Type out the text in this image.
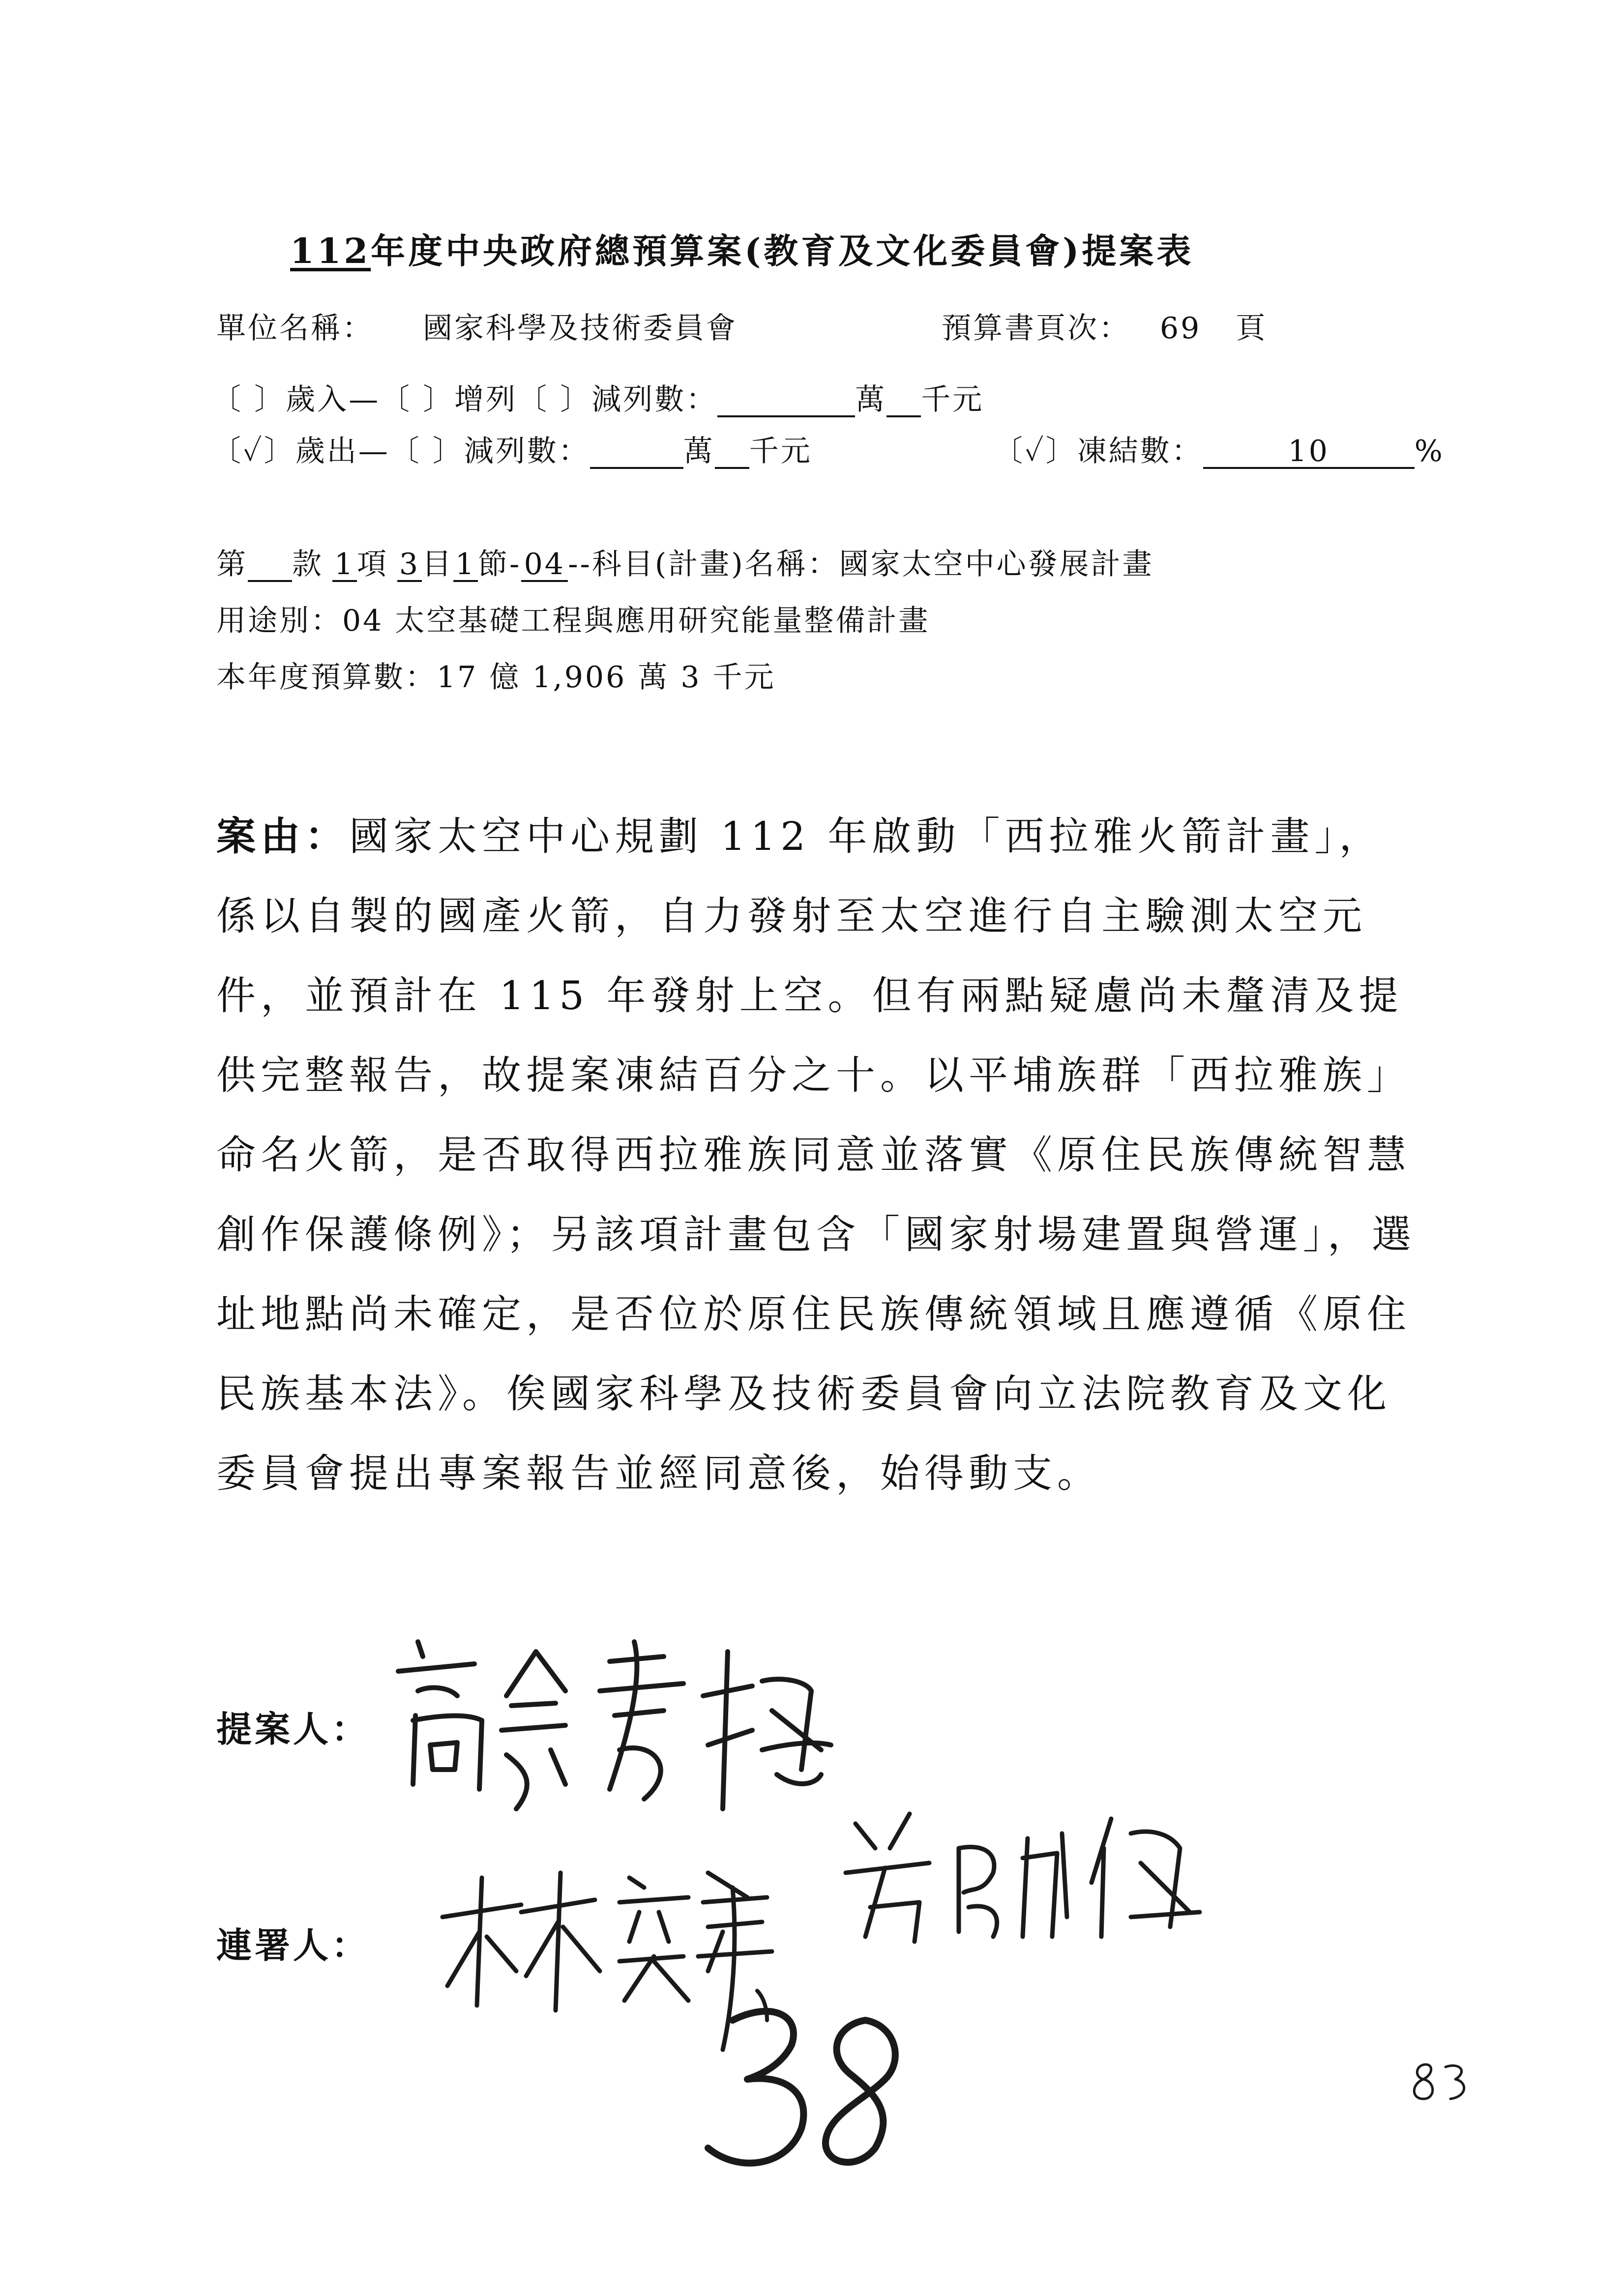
112年度中央政府總預算案(教育及文化委員會)提案表
單位名稱： 國家科學及技術委員會	預算書頁次： 69 頁
〔 〕歲入—〔 〕增列〔 〕減列數：	萬 千元
〔✓〕歲出—〔 〕減列數：	萬 千元	〔✓〕凍結數：	10	%
第 款 1項 3目1節-04--科目(計畫)名稱：國家太空中心發展計畫
用途別：04 太空基礎工程與應用研究能量整備計畫
本年度預算數：17 億 1,906 萬 3 千元
案由：國家太空中心規劃 112 年啟動「西拉雅火箭計畫」，係以自製的國產火箭，自力發射至太空進行自主驗測太空元件，並預計在 115 年發射上空。但有兩點疑慮尚未釐清及提供完整報告，故提案凍結百分之十。以平埔族群「西拉雅族」命名火箭，是否取得西拉雅族同意並落實《原住民族傳統智慧創作保護條例》；另該項計畫包含「國家射場建置與營運」，選址地點尚未確定，是否位於原住民族傳統領域且應遵循《原住民族基本法》。俟國家科學及技術委員會向立法院教育及文化委員會提出專案報告並經同意後，始得動支。
提案人：
連署人：
